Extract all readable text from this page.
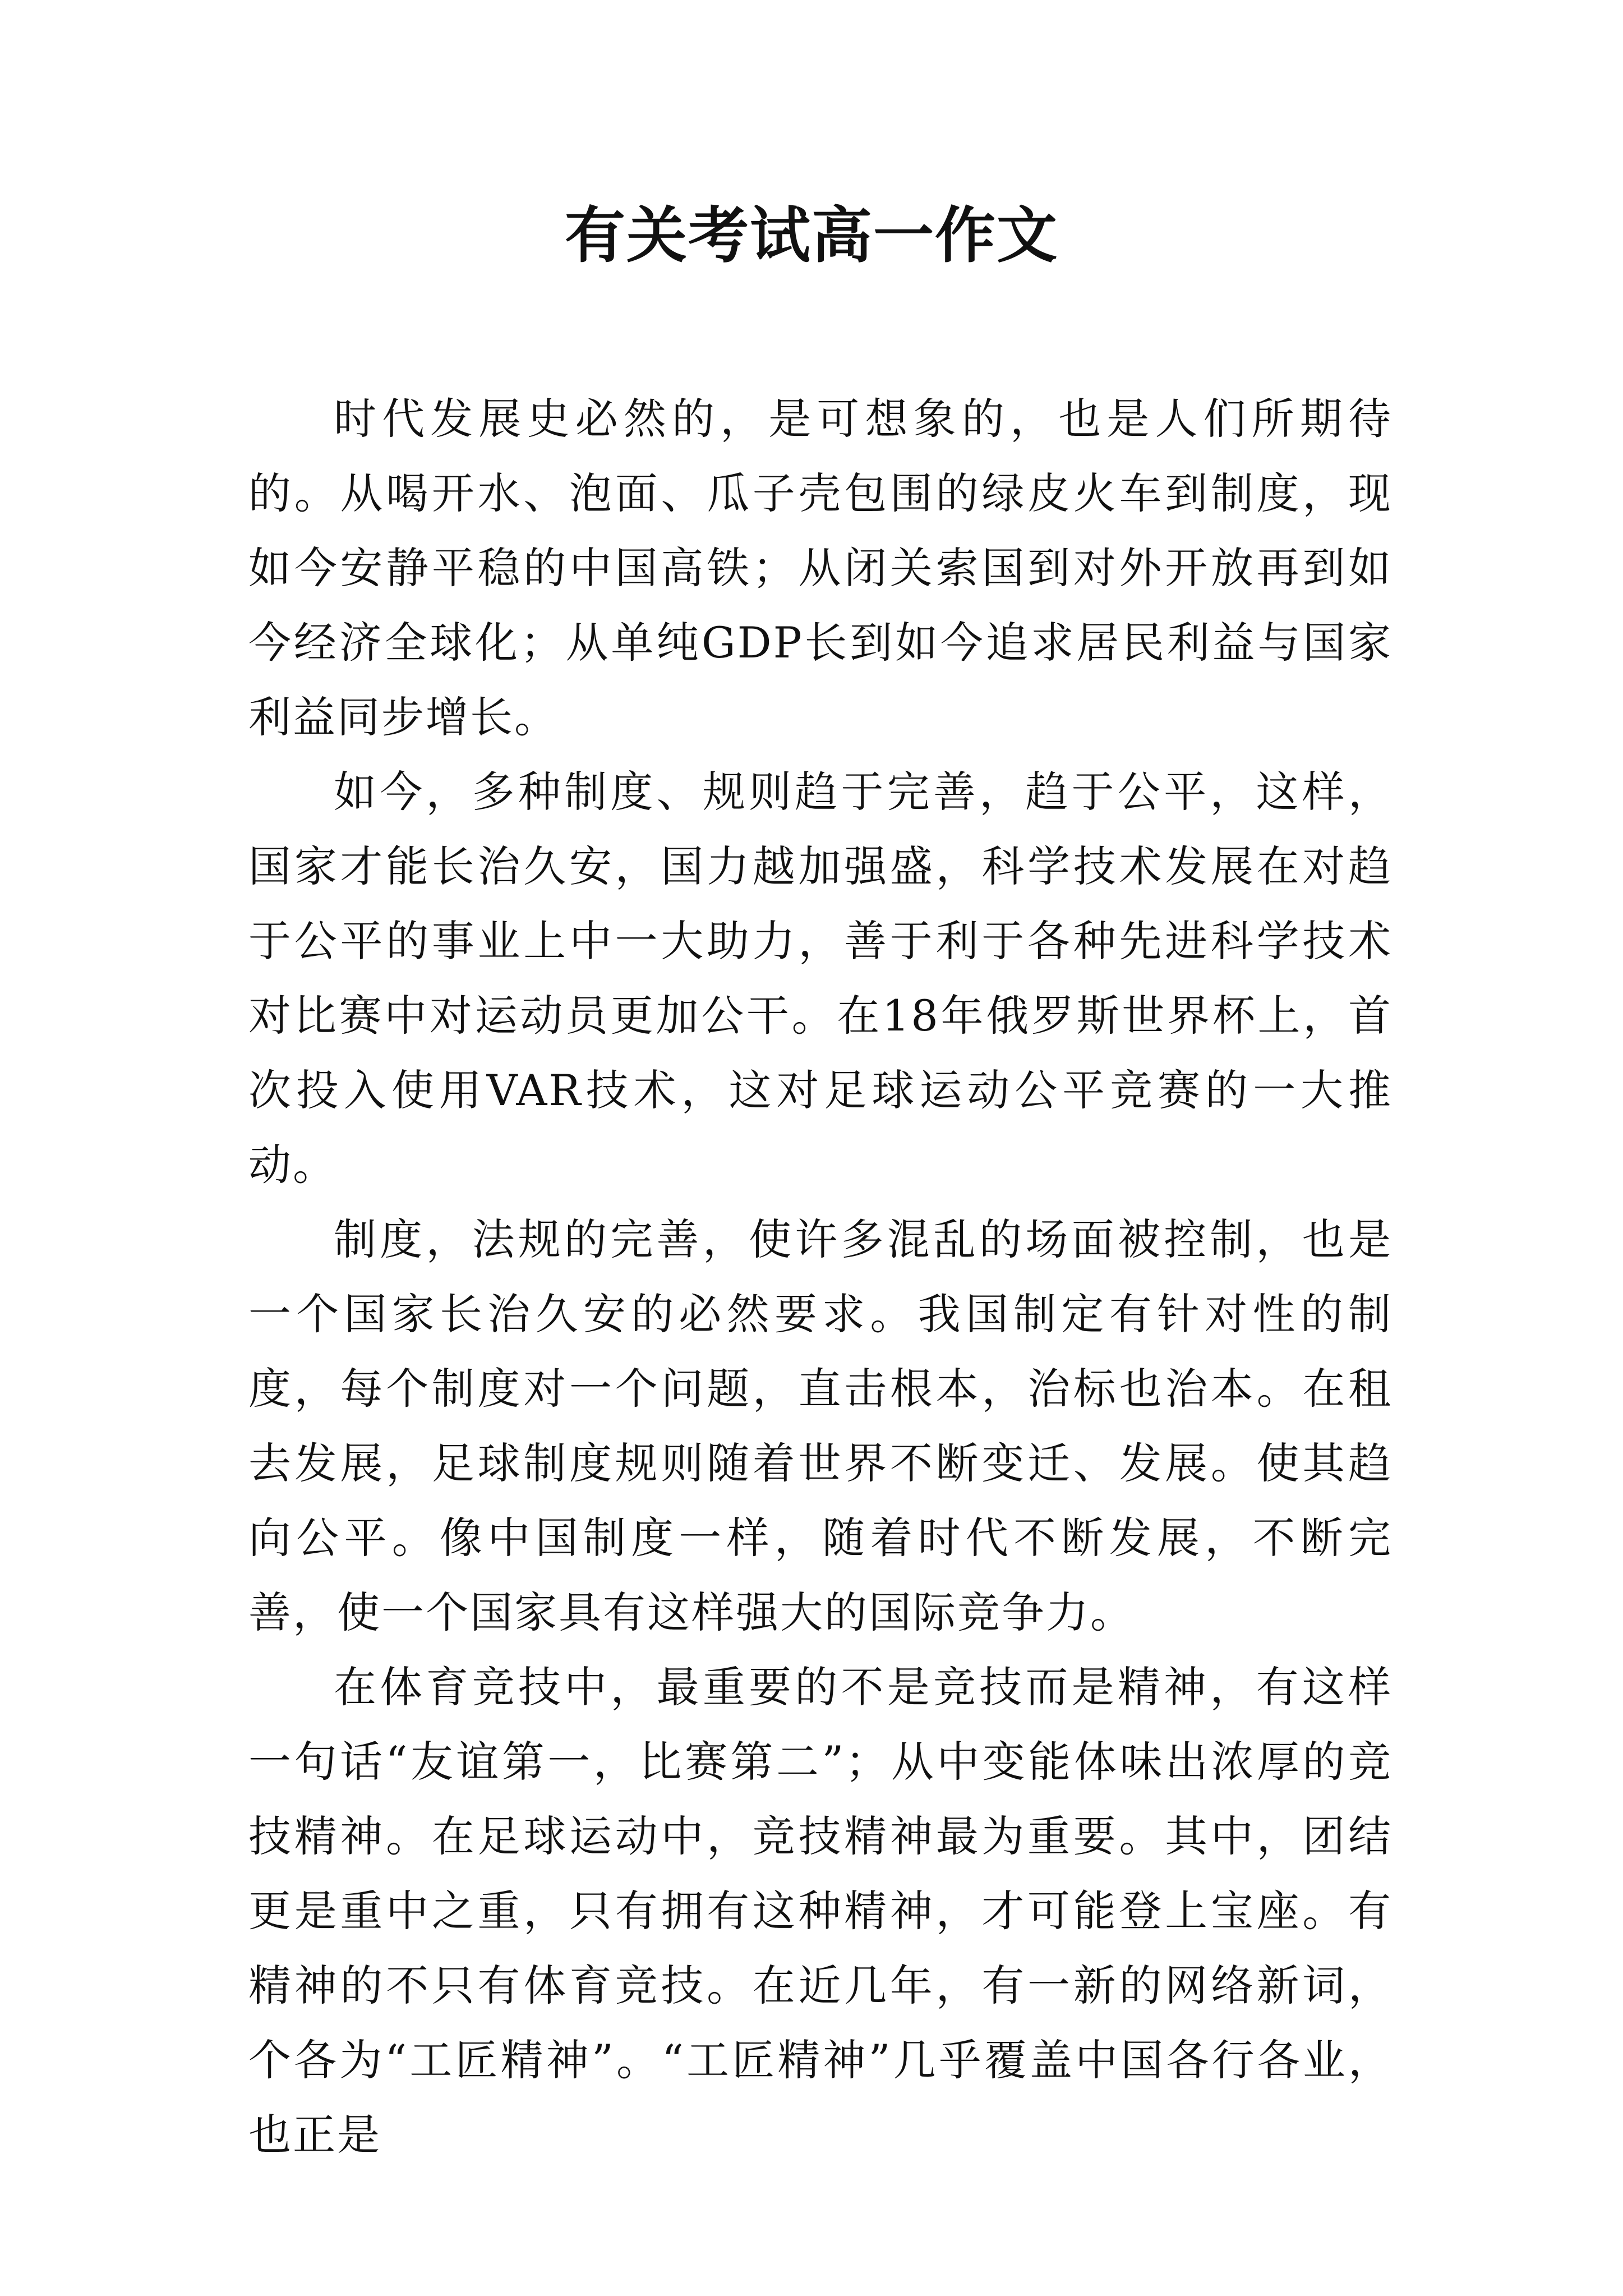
有关考试高一作文

时代发展史必然的，是可想象的，也是人们所期待的。从喝开水、泡面、瓜子壳包围的绿皮火车到制度，现如今安静平稳的中国高铁；从闭关索国到对外开放再到如今经济全球化；从单纯GDP长到如今追求居民利益与国家利益同步增长。

如今，多种制度、规则趋于完善，趋于公平，这样，国家才能长治久安，国力越加强盛，科学技术发展在对趋于公平的事业上中一大助力，善于利于各种先进科学技术对比赛中对运动员更加公干。在18年俄罗斯世界杯上，首次投入使用VAR技术，这对足球运动公平竞赛的一大推动。

制度，法规的完善，使许多混乱的场面被控制，也是一个国家长治久安的必然要求。我国制定有针对性的制度，每个制度对一个问题，直击根本，治标也治本。在租去发展，足球制度规则随着世界不断变迁、发展。使其趋向公平。像中国制度一样，随着时代不断发展，不断完善，使一个国家具有这样强大的国际竞争力。

在体育竞技中，最重要的不是竞技而是精神，有这样一句话“友谊第一，比赛第二”；从中变能体味出浓厚的竞技精神。在足球运动中，竞技精神最为重要。其中，团结更是重中之重，只有拥有这种精神，才可能登上宝座。有精神的不只有体育竞技。在近几年，有一新的网络新词，个各为“工匠精神”。“工匠精神”几乎覆盖中国各行各业，也正是
